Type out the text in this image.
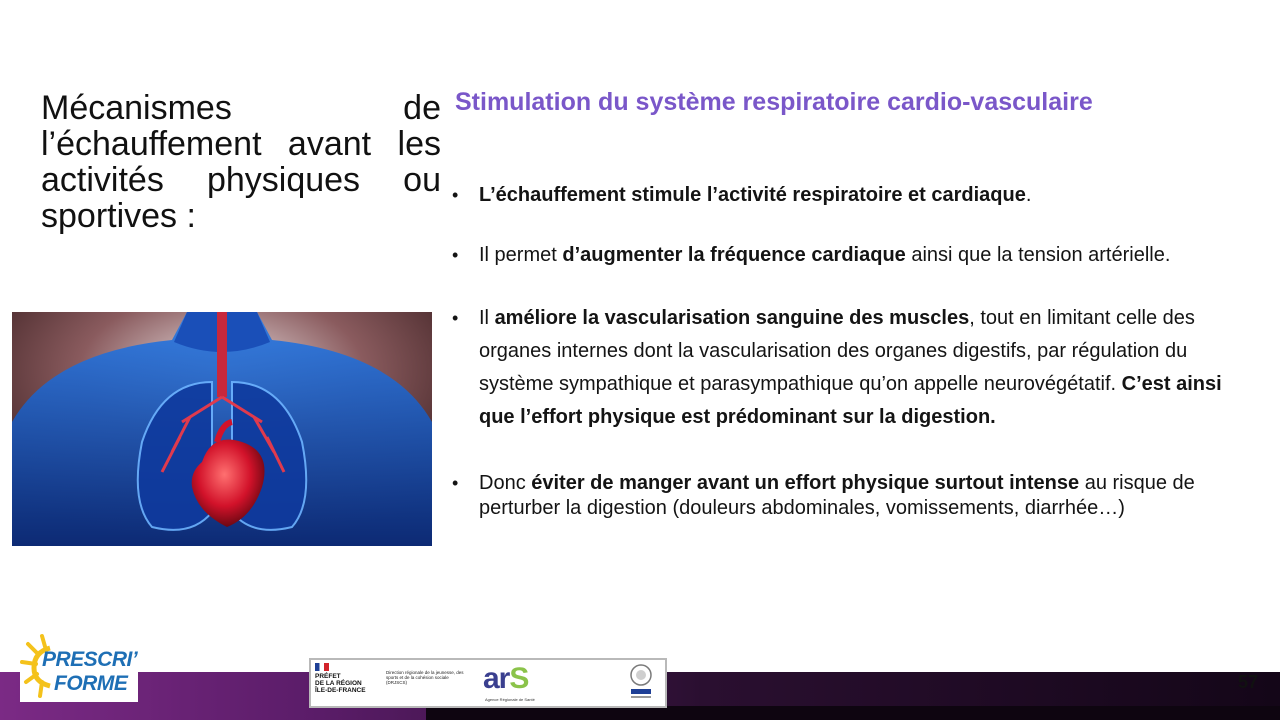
Mécanismes de l’échauffement avant les activités physiques ou sportives :
Stimulation du système respiratoire cardio-vasculaire
• L’échauffement stimule l’activité respiratoire et cardiaque.
• Il permet d’augmenter la fréquence cardiaque ainsi que la tension artérielle.
• Il améliore la vascularisation sanguine des muscles, tout en limitant celle des organes internes dont la vascularisation des organes digestifs, par régulation du système sympathique et parasympathique qu’on appelle neurovégétatif. C’est ainsi que l’effort physique est prédominant sur la digestion.
• Donc éviter de manger avant un effort physique surtout intense au risque de perturber la digestion (douleurs abdominales, vomissements, diarrhée…)
PRESCRI’
FORME	PRÉFET
DE LA RÉGION
ÎLE-DE-FRANCE
Direction régionale de la jeunesse, des sports et de la cohésion sociale (DRJSCS)	arS
Agence Régionale de Santé
57
